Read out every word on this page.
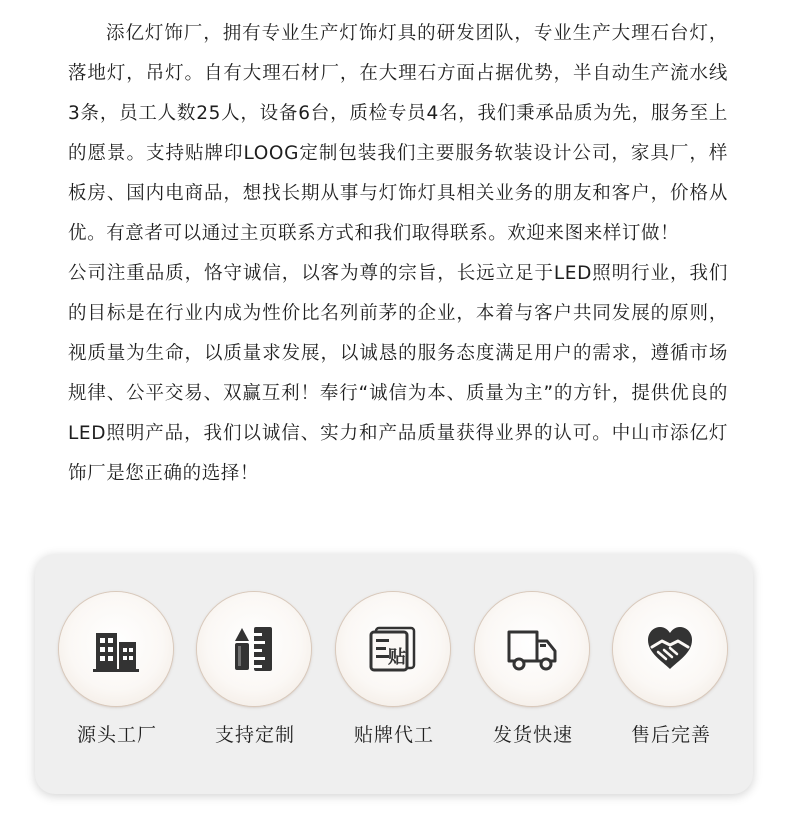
添亿灯饰厂，拥有专业生产灯饰灯具的研发团队，专业生产大理石台灯，落地灯，吊灯。自有大理石材厂，在大理石方面占据优势，半自动生产流水线3条，员工人数25人，设备6台，质检专员4名，我们秉承品质为先，服务至上的愿景。支持贴牌印LOOG定制包装我们主要服务软装设计公司，家具厂，样板房、国内电商品，想找长期从事与灯饰灯具相关业务的朋友和客户，价格从优。有意者可以通过主页联系方式和我们取得联系。欢迎来图来样订做！

公司注重品质，恪守诚信，以客为尊的宗旨，长远立足于LED照明行业，我们的目标是在行业内成为性价比名列前茅的企业，本着与客户共同发展的原则，视质量为生命，以质量求发展，以诚恳的服务态度满足用户的需求，遵循市场规律、公平交易、双赢互利！奉行“诚信为本、质量为主”的方针，提供优良的LED照明产品，我们以诚信、实力和产品质量获得业界的认可。中山市添亿灯饰厂是您正确的选择！

源头工厂	支持定制
贴
贴牌代工	发货快速	售后完善
